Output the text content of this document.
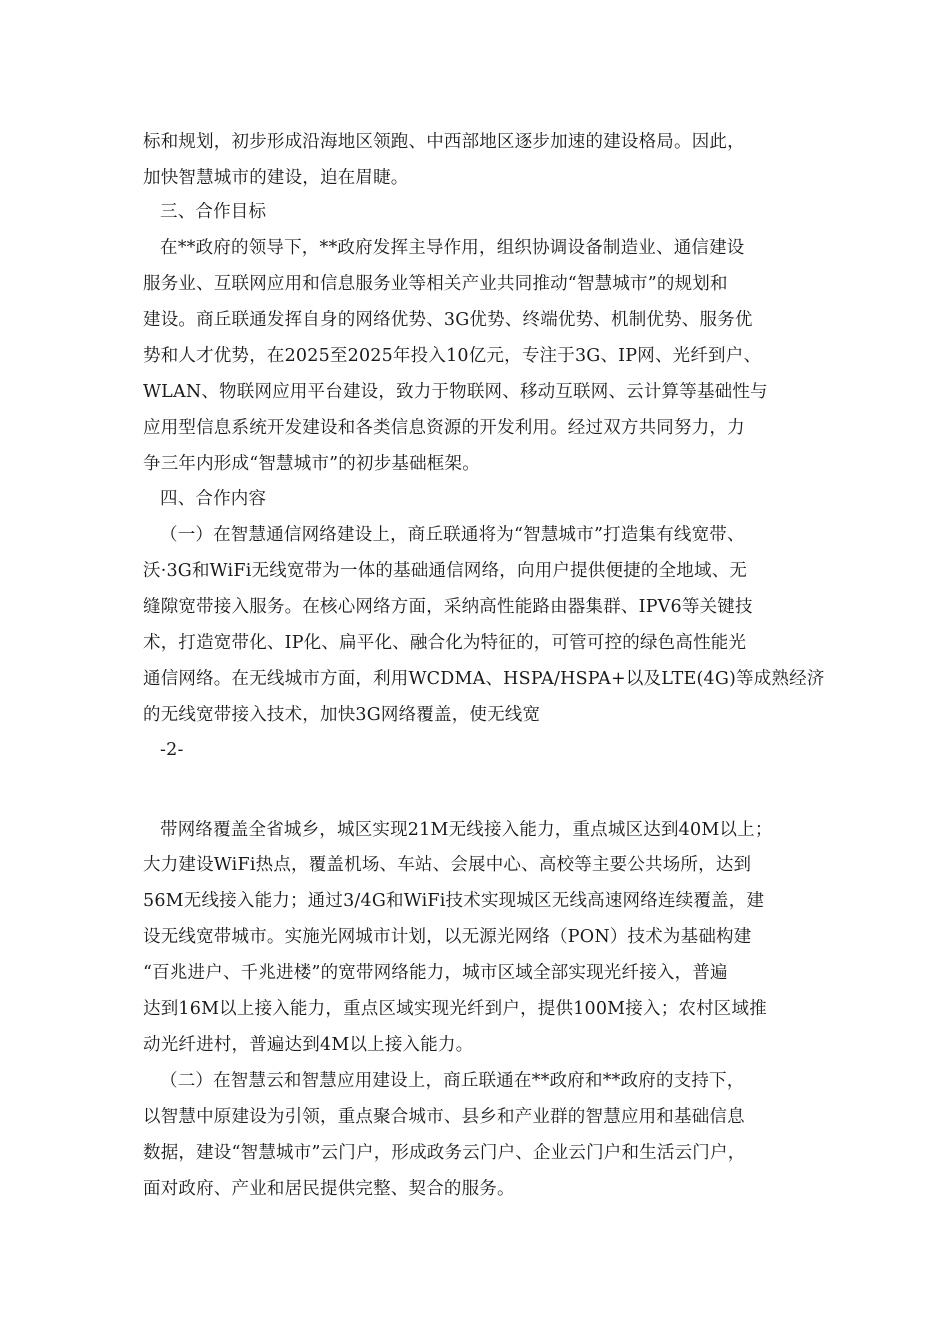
标和规划，初步形成沿海地区领跑、中西部地区逐步加速的建设格局。因此，
加快智慧城市的建设，迫在眉睫。
三、合作目标
在**政府的领导下，**政府发挥主导作用，组织协调设备制造业、通信建设
服务业、互联网应用和信息服务业等相关产业共同推动“智慧城市”的规划和
建设。商丘联通发挥自身的网络优势、3G优势、终端优势、机制优势、服务优
势和人才优势，在2025至2025年投入10亿元，专注于3G、IP网、光纤到户、
WLAN、物联网应用平台建设，致力于物联网、移动互联网、云计算等基础性与
应用型信息系统开发建设和各类信息资源的开发利用。经过双方共同努力，力
争三年内形成“智慧城市”的初步基础框架。
四、合作内容
（一）在智慧通信网络建设上，商丘联通将为“智慧城市”打造集有线宽带、
沃·3G和WiFi无线宽带为一体的基础通信网络，向用户提供便捷的全地域、无
缝隙宽带接入服务。在核心网络方面，采纳高性能路由器集群、IPV6等关键技
术，打造宽带化、IP化、扁平化、融合化为特征的，可管可控的绿色高性能光
通信网络。在无线城市方面，利用WCDMA、HSPA/HSPA+以及LTE(4G)等成熟经济
的无线宽带接入技术，加快3G网络覆盖，使无线宽
-2-
带网络覆盖全省城乡，城区实现21M无线接入能力，重点城区达到40M以上；
大力建设WiFi热点，覆盖机场、车站、会展中心、高校等主要公共场所，达到
56M无线接入能力；通过3/4G和WiFi技术实现城区无线高速网络连续覆盖，建
设无线宽带城市。实施光网城市计划，以无源光网络（PON）技术为基础构建
“百兆进户、千兆进楼”的宽带网络能力，城市区域全部实现光纤接入，普遍
达到16M以上接入能力，重点区域实现光纤到户，提供100M接入；农村区域推
动光纤进村，普遍达到4M以上接入能力。
（二）在智慧云和智慧应用建设上，商丘联通在**政府和**政府的支持下，
以智慧中原建设为引领，重点聚合城市、县乡和产业群的智慧应用和基础信息
数据，建设“智慧城市”云门户，形成政务云门户、企业云门户和生活云门户，
面对政府、产业和居民提供完整、契合的服务。
